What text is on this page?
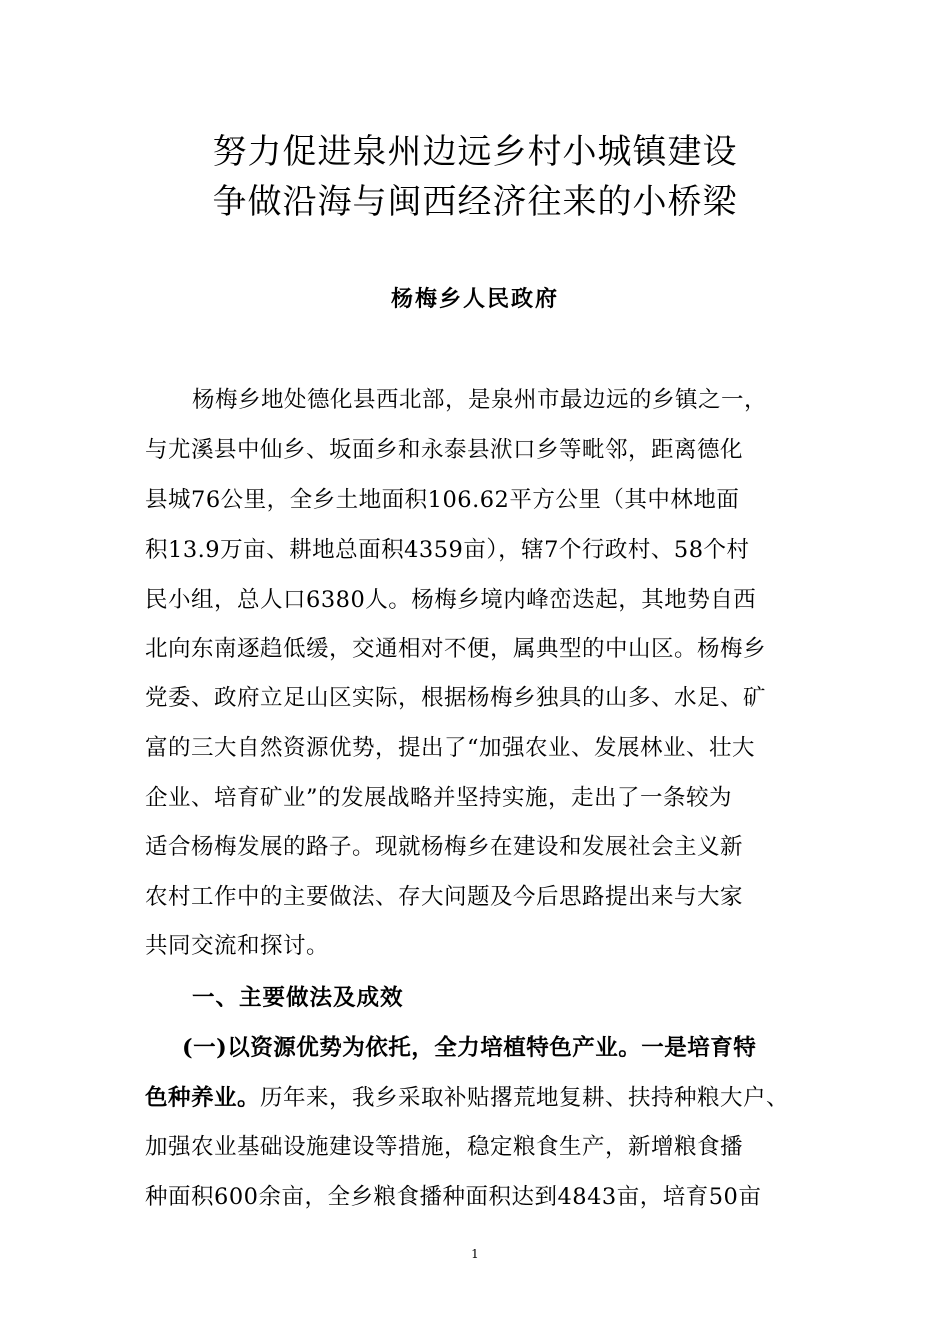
努力促进泉州边远乡村小城镇建设
争做沿海与闽西经济往来的小桥梁
杨梅乡人民政府
杨梅乡地处德化县西北部，是泉州市最边远的乡镇之一，
与尤溪县中仙乡、坂面乡和永泰县洑口乡等毗邻，距离德化
县城76公里，全乡土地面积106.62平方公里（其中林地面
积13.9万亩、耕地总面积4359亩），辖7个行政村、58个村
民小组，总人口6380人。杨梅乡境内峰峦迭起，其地势自西
北向东南逐趋低缓，交通相对不便，属典型的中山区。杨梅乡
党委、政府立足山区实际，根据杨梅乡独具的山多、水足、矿
富的三大自然资源优势，提出了“加强农业、发展林业、壮大
企业、培育矿业”的发展战略并坚持实施，走出了一条较为
适合杨梅发展的路子。现就杨梅乡在建设和发展社会主义新
农村工作中的主要做法、存大问题及今后思路提出来与大家
共同交流和探讨。
一、主要做法及成效
(一)以资源优势为依托，全力培植特色产业。一是培育特
色种养业。历年来，我乡采取补贴撂荒地复耕、扶持种粮大户、
加强农业基础设施建设等措施，稳定粮食生产，新增粮食播
种面积600余亩，全乡粮食播种面积达到4843亩，培育50亩
1
